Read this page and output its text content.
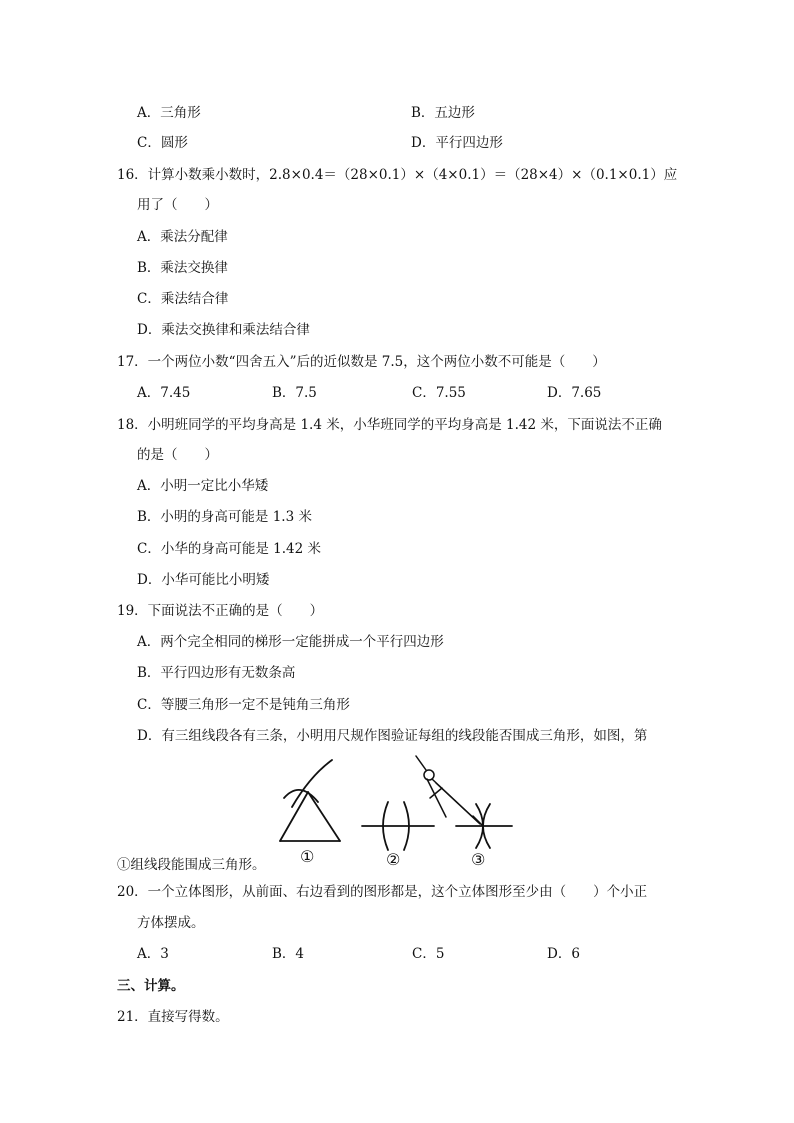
A．三角形	B．五边形
C．圆形	D．平行四边形
16．计算小数乘小数时，2.8×0.4＝（28×0.1）×（4×0.1）＝（28×4）×（0.1×0.1）应
用了（　　）
A．乘法分配律
B．乘法交换律
C．乘法结合律
D．乘法交换律和乘法结合律
17．一个两位小数“四舍五入”后的近似数是 7.5，这个两位小数不可能是（　　）
A．7.45	B．7.5	C．7.55	D．7.65
18．小明班同学的平均身高是 1.4 米，小华班同学的平均身高是 1.42 米，下面说法不正确
的是（　　）
A．小明一定比小华矮
B．小明的身高可能是 1.3 米
C．小华的身高可能是 1.42 米
D．小华可能比小明矮
19．下面说法不正确的是（　　）
A．两个完全相同的梯形一定能拼成一个平行四边形
B．平行四边形有无数条高
C．等腰三角形一定不是钝角三角形
D．有三组线段各有三条，小明用尺规作图验证每组的线段能否围成三角形，如图，第
①	②	③
①组线段能围成三角形。
20．一个立体图形，从前面、右边看到的图形都是，这个立体图形至少由（　　）个小正
方体摆成。
A．3	B．4	C．5	D．6
三、计算。
21．直接写得数。
